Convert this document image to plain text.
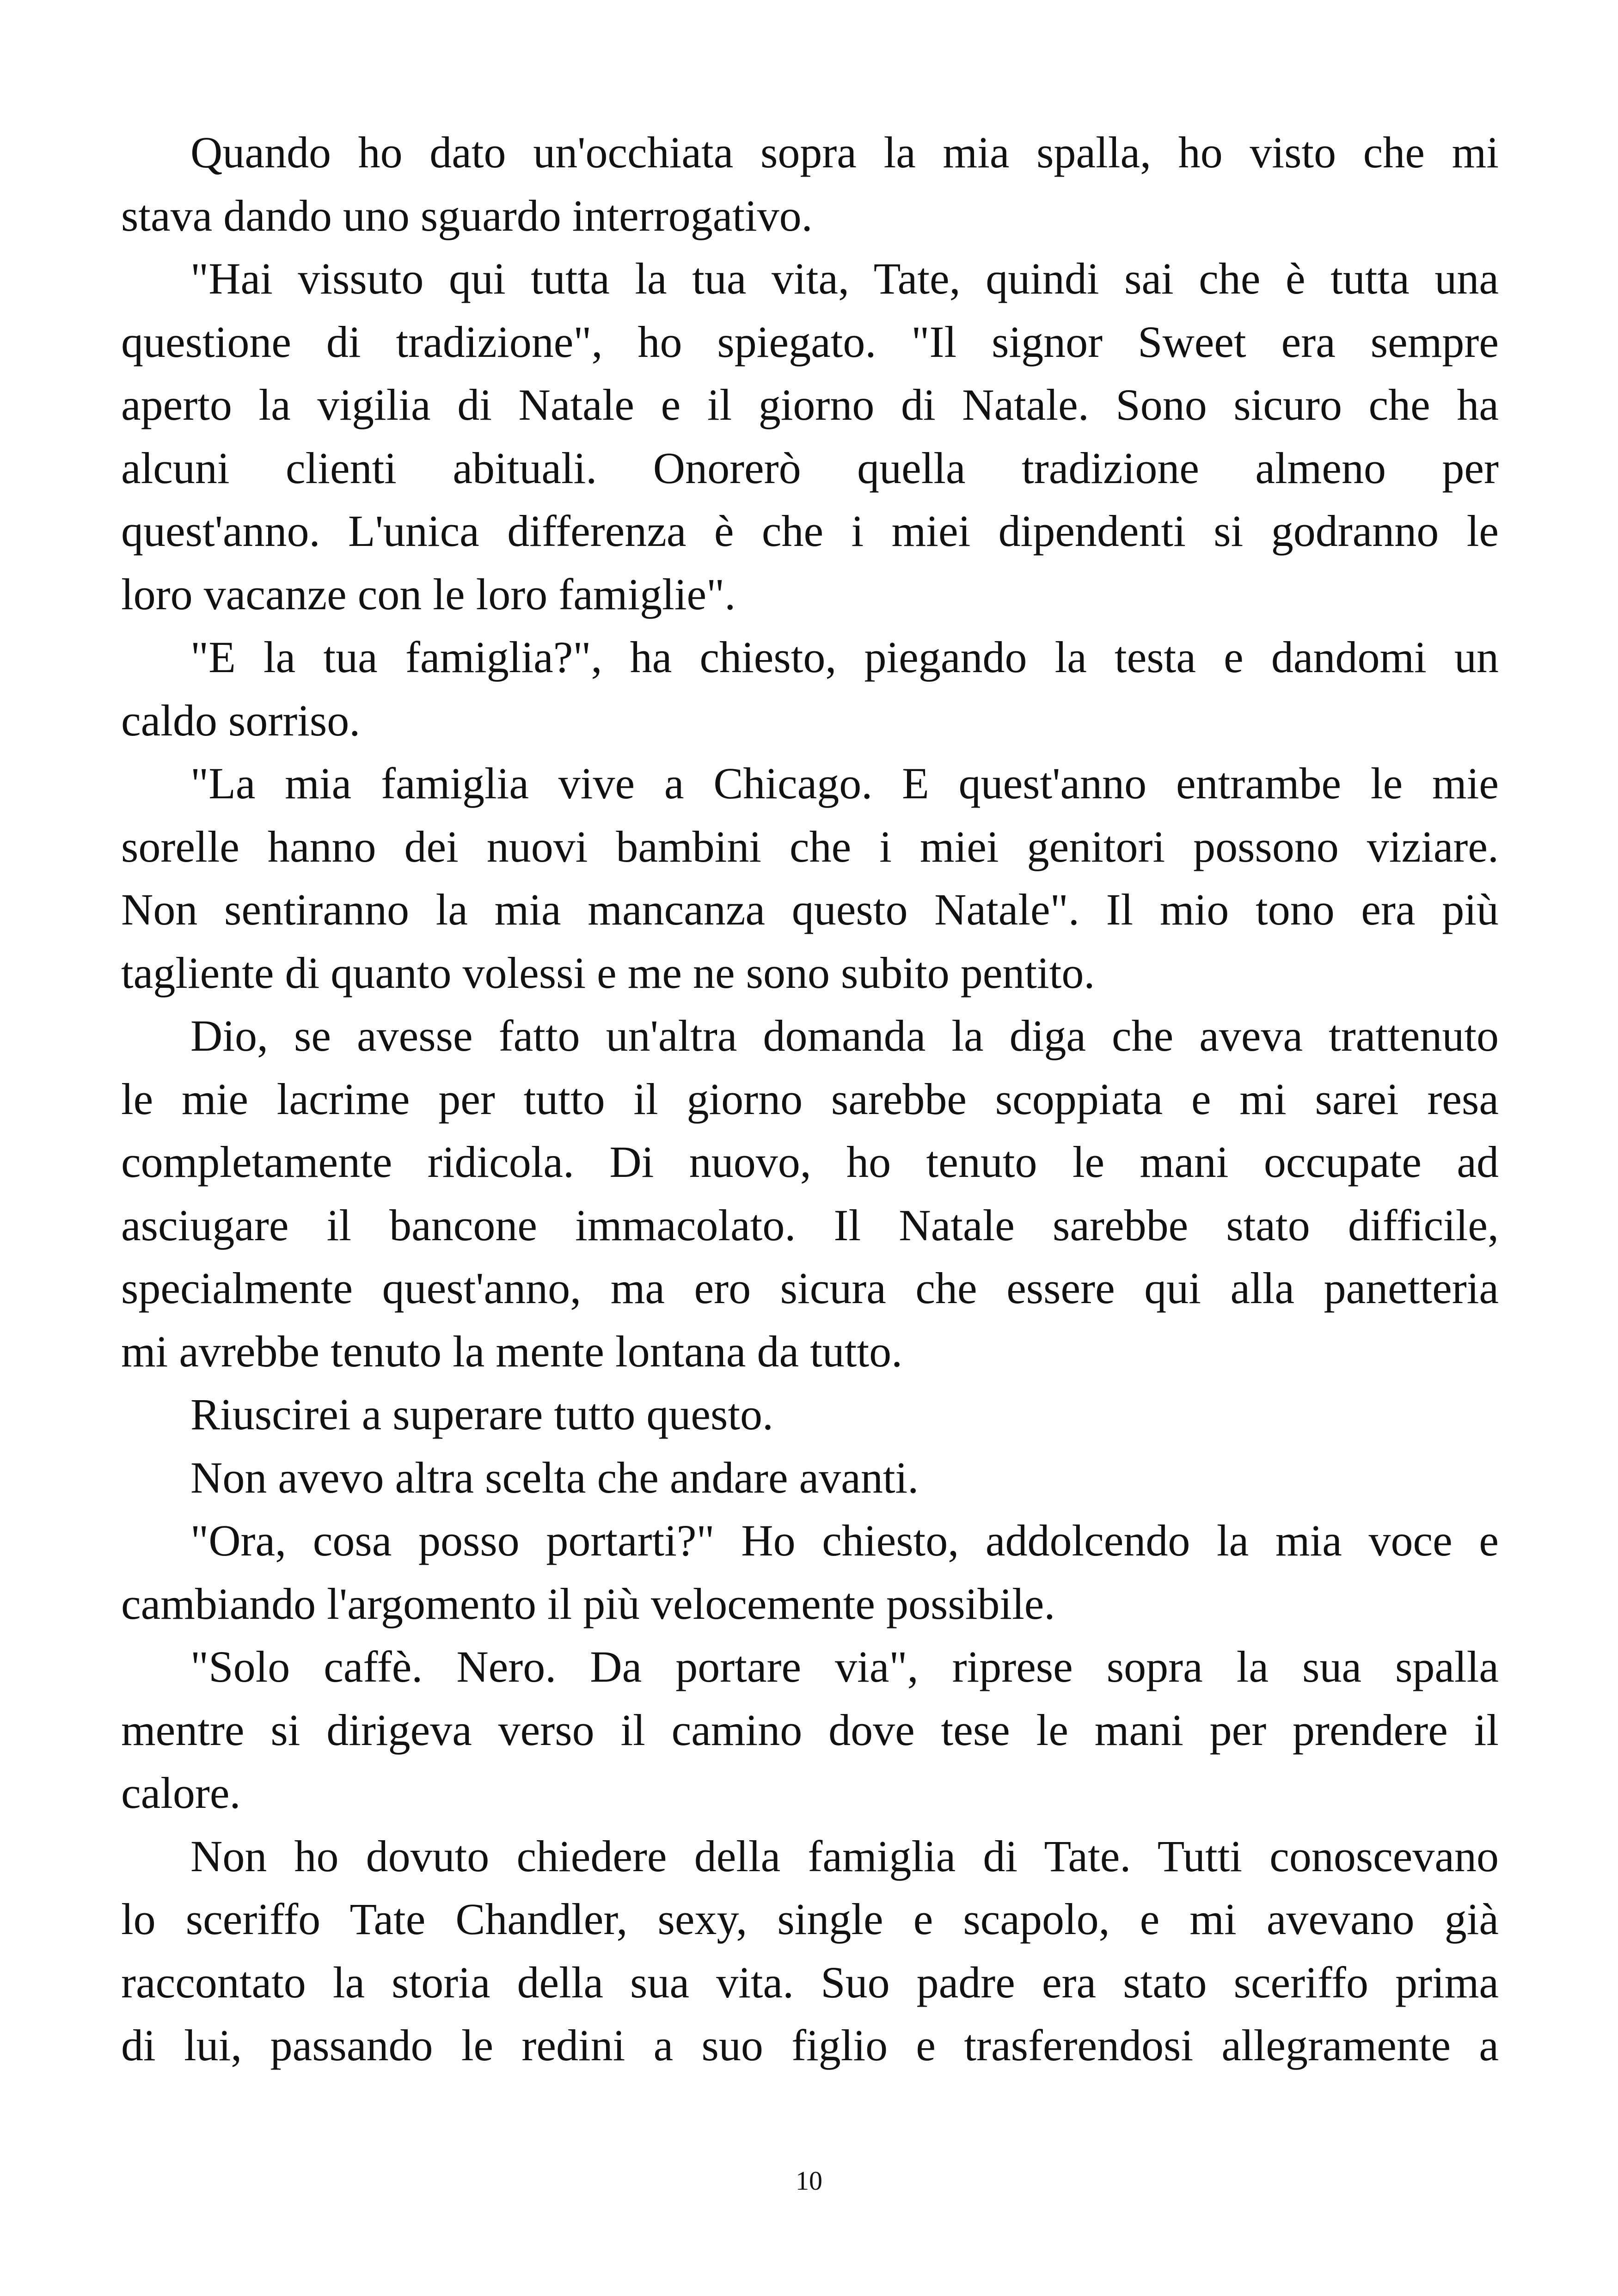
Quando ho dato un'occhiata sopra la mia spalla, ho visto che mi
stava dando uno sguardo interrogativo.
"Hai vissuto qui tutta la tua vita, Tate, quindi sai che è tutta una
questione di tradizione", ho spiegato. "Il signor Sweet era sempre
aperto la vigilia di Natale e il giorno di Natale. Sono sicuro che ha
alcuni clienti abituali. Onorerò quella tradizione almeno per
quest'anno. L'unica differenza è che i miei dipendenti si godranno le
loro vacanze con le loro famiglie".
"E la tua famiglia?", ha chiesto, piegando la testa e dandomi un
caldo sorriso.
"La mia famiglia vive a Chicago. E quest'anno entrambe le mie
sorelle hanno dei nuovi bambini che i miei genitori possono viziare.
Non sentiranno la mia mancanza questo Natale". Il mio tono era più
tagliente di quanto volessi e me ne sono subito pentito.
Dio, se avesse fatto un'altra domanda la diga che aveva trattenuto
le mie lacrime per tutto il giorno sarebbe scoppiata e mi sarei resa
completamente ridicola. Di nuovo, ho tenuto le mani occupate ad
asciugare il bancone immacolato. Il Natale sarebbe stato difficile,
specialmente quest'anno, ma ero sicura che essere qui alla panetteria
mi avrebbe tenuto la mente lontana da tutto.
Riuscirei a superare tutto questo.
Non avevo altra scelta che andare avanti.
"Ora, cosa posso portarti?" Ho chiesto, addolcendo la mia voce e
cambiando l'argomento il più velocemente possibile.
"Solo caffè. Nero. Da portare via", riprese sopra la sua spalla
mentre si dirigeva verso il camino dove tese le mani per prendere il
calore.
Non ho dovuto chiedere della famiglia di Tate. Tutti conoscevano
lo sceriffo Tate Chandler, sexy, single e scapolo, e mi avevano già
raccontato la storia della sua vita. Suo padre era stato sceriffo prima
di lui, passando le redini a suo figlio e trasferendosi allegramente a
10
